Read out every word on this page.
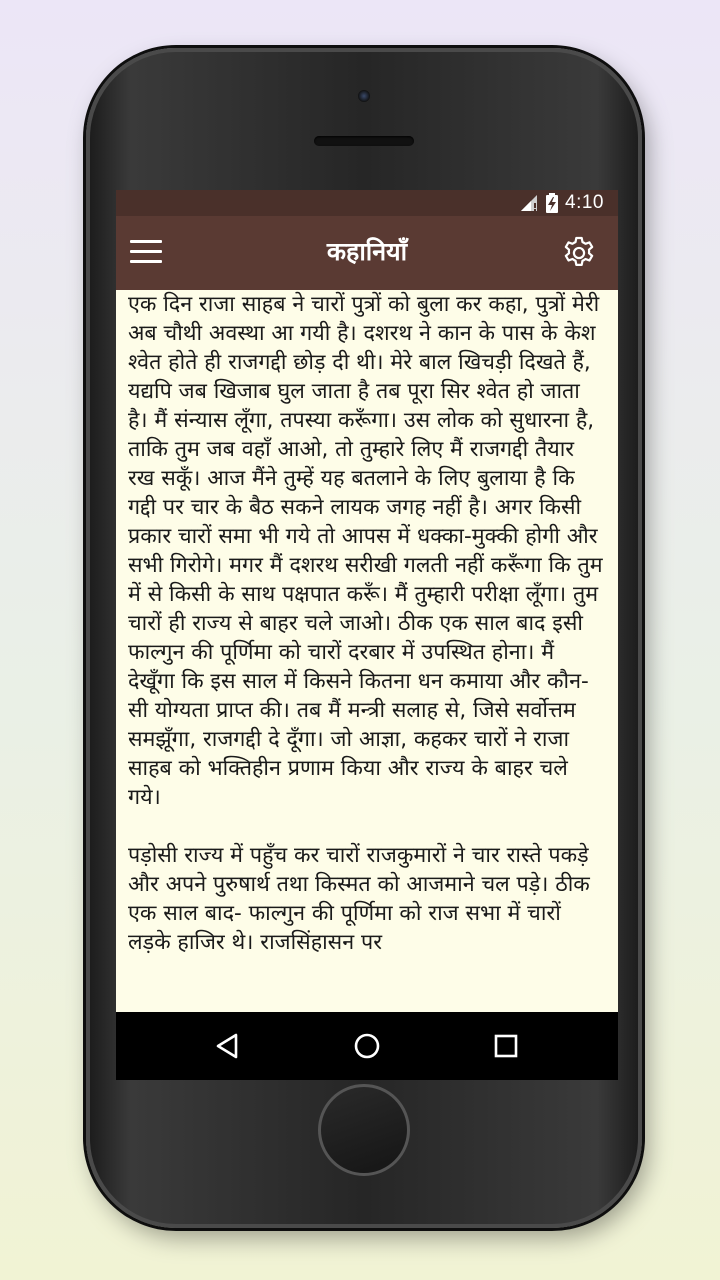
4:10
कहानियाँ

एक दिन राजा साहब ने चारों पुत्रों को बुला कर कहा, पुत्रों मेरी अब चौथी अवस्था आ गयी है। दशरथ ने कान के पास के केश श्वेत होते ही राजगद्दी छोड़ दी थी। मेरे बाल खिचड़ी दिखते हैं, यद्यपि जब खिजाब घुल जाता है तब पूरा सिर श्वेत हो जाता है। मैं संन्यास लूँगा, तपस्या करूँगा। उस लोक को सुधारना है, ताकि तुम जब वहाँ आओ, तो तुम्हारे लिए मैं राजगद्दी तैयार रख सकूँ। आज मैंने तुम्हें यह बतलाने के लिए बुलाया है कि गद्दी पर चार के बैठ सकने लायक जगह नहीं है। अगर किसी प्रकार चारों समा भी गये तो आपस में धक्का-मुक्की होगी और सभी गिरोगे। मगर मैं दशरथ सरीखी गलती नहीं करूँगा कि तुम में से किसी के साथ पक्षपात करूँ। मैं तुम्हारी परीक्षा लूँगा। तुम चारों ही राज्य से बाहर चले जाओ। ठीक एक साल बाद इसी फाल्गुन की पूर्णिमा को चारों दरबार में उपस्थित होना। मैं देखूँगा कि इस साल में किसने कितना धन कमाया और कौन-सी योग्यता प्राप्त की। तब मैं मन्त्री सलाह से, जिसे सर्वोत्तम समझूँगा, राजगद्दी दे दूँगा। जो आज्ञा, कहकर चारों ने राजा साहब को भक्तिहीन प्रणाम किया और राज्य के बाहर चले गये।

पड़ोसी राज्य में पहुँच कर चारों राजकुमारों ने चार रास्ते पकड़े और अपने पुरुषार्थ तथा किस्मत को आजमाने चल पड़े। ठीक एक साल बाद- फाल्गुन की पूर्णिमा को राज सभा में चारों लड़के हाजिर थे। राजसिंहासन पर
